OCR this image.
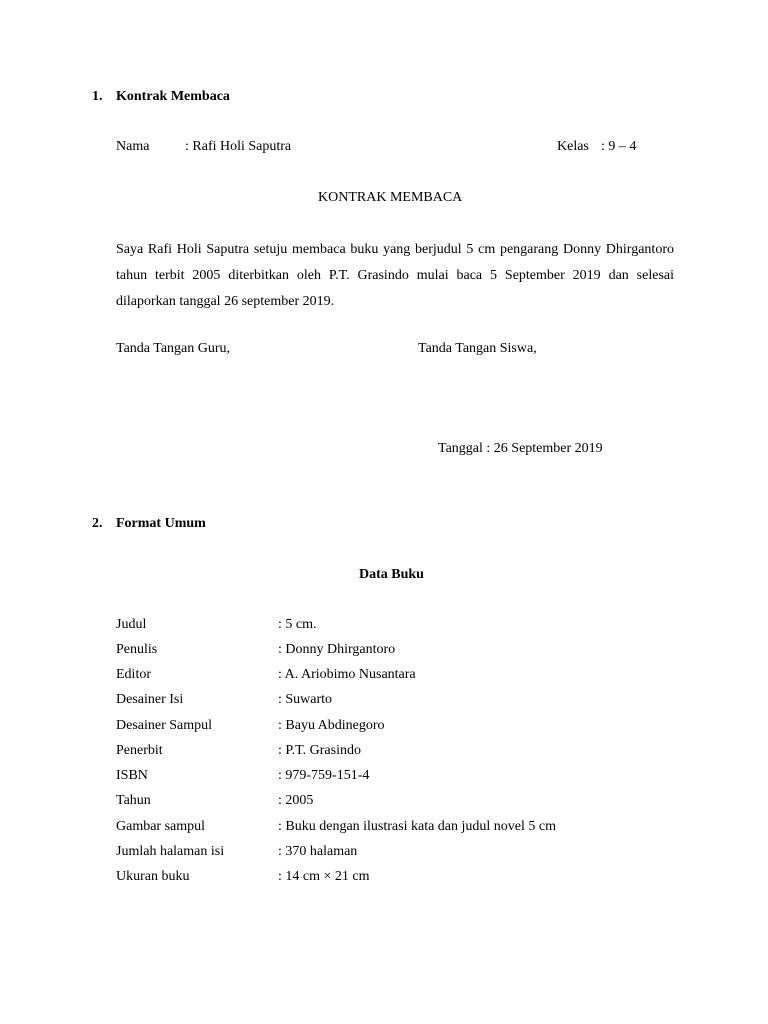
1. Kontrak Membaca
Nama	: Rafi Holi Saputra	Kelas : 9 – 4
KONTRAK MEMBACA
Saya Rafi Holi Saputra setuju membaca buku yang berjudul 5 cm pengarang Donny Dhirgantoro tahun terbit 2005 diterbitkan oleh P.T. Grasindo mulai baca 5 September 2019 dan selesai dilaporkan tanggal 26 september 2019.
Tanda Tangan Guru,	Tanda Tangan Siswa,
Tanggal : 26 September 2019
2. Format Umum
Data Buku
Judul	: 5 cm.
Penulis	: Donny Dhirgantoro
Editor	: A. Ariobimo Nusantara
Desainer Isi	: Suwarto
Desainer Sampul	: Bayu Abdinegoro
Penerbit	: P.T. Grasindo
ISBN	: 979-759-151-4
Tahun	: 2005
Gambar sampul	: Buku dengan ilustrasi kata dan judul novel 5 cm
Jumlah halaman isi	: 370 halaman
Ukuran buku	: 14 cm × 21 cm
